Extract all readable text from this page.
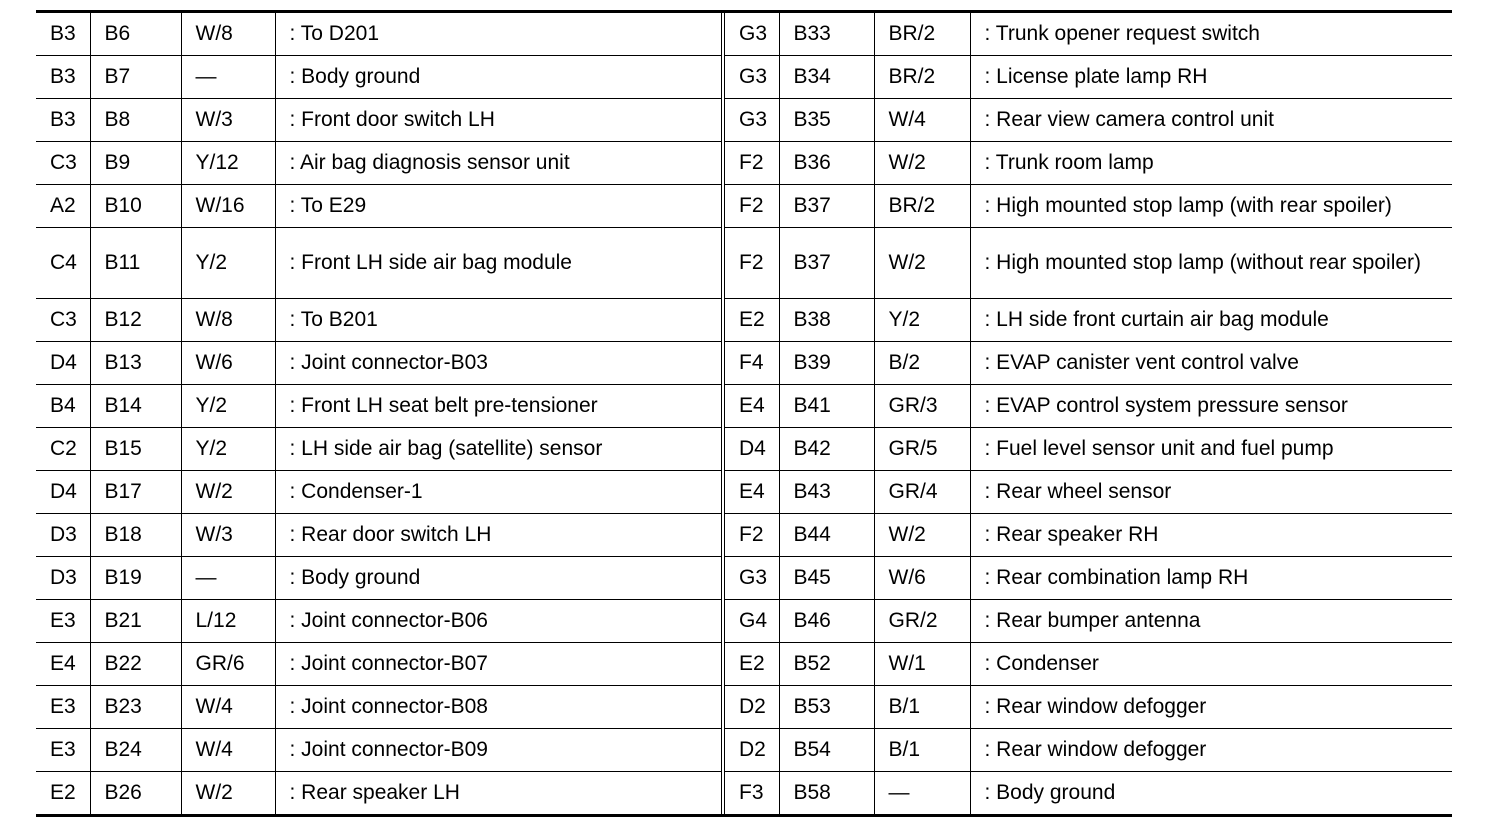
B3	B6	W/8	: To D201	G3	B33	BR/2	: Trunk opener request switch
B3	B7	—	: Body ground	G3	B34	BR/2	: License plate lamp RH
B3	B8	W/3	: Front door switch LH	G3	B35	W/4	: Rear view camera control unit
C3	B9	Y/12	: Air bag diagnosis sensor unit	F2	B36	W/2	: Trunk room lamp
A2	B10	W/16	: To E29	F2	B37	BR/2	: High mounted stop lamp (with rear spoiler)
C4	B11	Y/2	: Front LH side air bag module	F2	B37	W/2	: High mounted stop lamp (without rear spoiler)
C3	B12	W/8	: To B201	E2	B38	Y/2	: LH side front curtain air bag module
D4	B13	W/6	: Joint connector-B03	F4	B39	B/2	: EVAP canister vent control valve
B4	B14	Y/2	: Front LH seat belt pre-tensioner	E4	B41	GR/3	: EVAP control system pressure sensor
C2	B15	Y/2	: LH side air bag (satellite) sensor	D4	B42	GR/5	: Fuel level sensor unit and fuel pump
D4	B17	W/2	: Condenser-1	E4	B43	GR/4	: Rear wheel sensor
D3	B18	W/3	: Rear door switch LH	F2	B44	W/2	: Rear speaker RH
D3	B19	—	: Body ground	G3	B45	W/6	: Rear combination lamp RH
E3	B21	L/12	: Joint connector-B06	G4	B46	GR/2	: Rear bumper antenna
E4	B22	GR/6	: Joint connector-B07	E2	B52	W/1	: Condenser
E3	B23	W/4	: Joint connector-B08	D2	B53	B/1	: Rear window defogger
E3	B24	W/4	: Joint connector-B09	D2	B54	B/1	: Rear window defogger
E2	B26	W/2	: Rear speaker LH	F3	B58	—	: Body ground
